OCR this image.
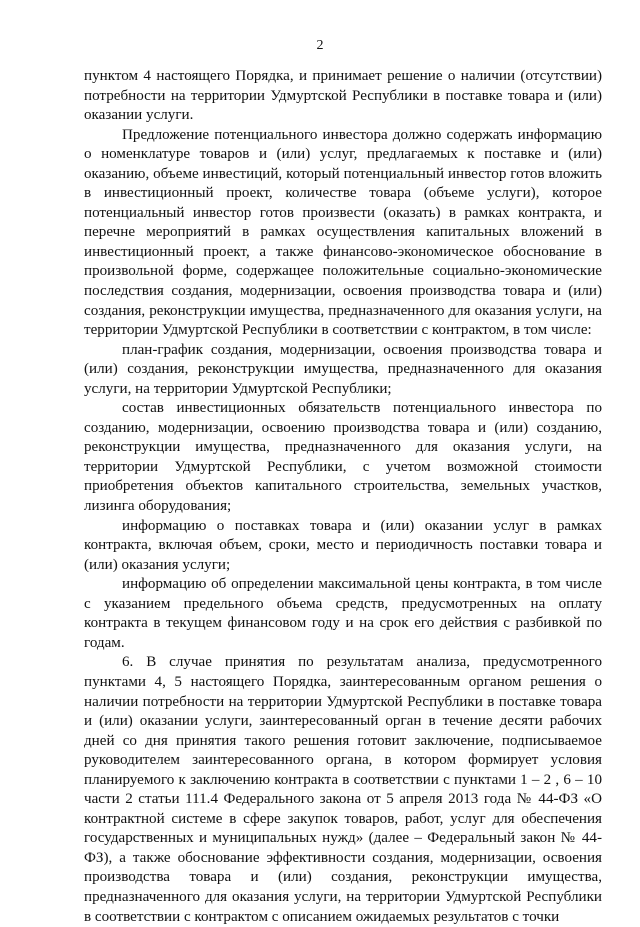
2

пунктом 4 настоящего Порядка, и принимает решение о наличии (отсутствии) потребности на территории Удмуртской Республики в поставке товара и (или) оказании услуги.

Предложение потенциального инвестора должно содержать информацию о номенклатуре товаров и (или) услуг, предлагаемых к поставке и (или) оказанию, объеме инвестиций, который потенциальный инвестор готов вложить в инвестиционный проект, количестве товара (объеме услуги), которое потенциальный инвестор готов произвести (оказать) в рамках контракта, и перечне мероприятий в рамках осуществления капитальных вложений в инвестиционный проект, а также финансово-экономическое обоснование в произвольной форме, содержащее положительные социально-экономические последствия создания, модернизации, освоения производства товара и (или) создания, реконструкции имущества, предназначенного для оказания услуги, на территории Удмуртской Республики в соответствии с контрактом, в том числе:

план-график создания, модернизации, освоения производства товара и (или) создания, реконструкции имущества, предназначенного для оказания услуги, на территории Удмуртской Республики;

состав инвестиционных обязательств потенциального инвестора по созданию, модернизации, освоению производства товара и (или) созданию, реконструкции имущества, предназначенного для оказания услуги, на территории Удмуртской Республики, с учетом возможной стоимости приобретения объектов капитального строительства, земельных участков, лизинга оборудования;

информацию о поставках товара и (или) оказании услуг в рамках контракта, включая объем, сроки, место и периодичность поставки товара и (или) оказания услуги;

информацию об определении максимальной цены контракта, в том числе с указанием предельного объема средств, предусмотренных на оплату контракта в текущем финансовом году и на срок его действия с разбивкой по годам.

6. В случае принятия по результатам анализа, предусмотренного пунктами 4, 5 настоящего Порядка, заинтересованным органом решения о наличии потребности на территории Удмуртской Республики в поставке товара и (или) оказании услуги, заинтересованный орган в течение десяти рабочих дней со дня принятия такого решения готовит заключение, подписываемое руководителем заинтересованного органа, в котором формирует условия планируемого к заключению контракта в соответствии с пунктами 1 – 2 , 6 – 10 части 2 статьи 111.4 Федерального закона от 5 апреля 2013 года № 44-ФЗ «О контрактной системе в сфере закупок товаров, работ, услуг для обеспечения государственных и муниципальных нужд» (далее – Федеральный закон № 44-ФЗ), а также обоснование эффективности создания, модернизации, освоения производства товара и (или) создания, реконструкции имущества, предназначенного для оказания услуги, на территории Удмуртской Республики в соответствии с контрактом с описанием ожидаемых результатов с точки
